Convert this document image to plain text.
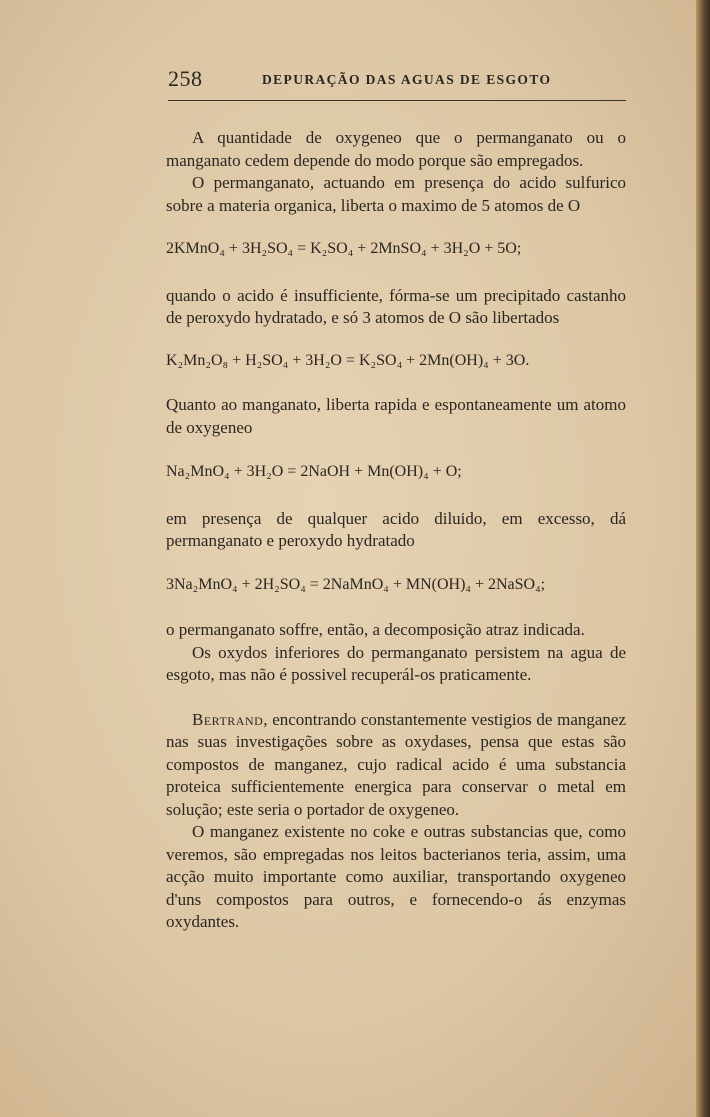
258	DEPURAÇÃO DAS AGUAS DE ESGOTO

A quantidade de oxygeneo que o permanganato ou o manganato cedem depende do modo porque são empregados.

O permanganato, actuando em presença do acido sulfurico sobre a materia organica, liberta o maximo de 5 atomos de O

2KMnO₄ + 3H₂SO₄ = K₂SO₄ + 2MnSO₄ + 3H₂O + 5O;

quando o acido é insufficiente, fórma-se um precipitado castanho de peroxydo hydratado, e só 3 atomos de O são libertados

K₂Mn₂O₈ + H₂SO₄ + 3H₂O = K₂SO₄ + 2Mn(OH)₄ + 3O.

Quanto ao manganato, liberta rapida e espontaneamente um atomo de oxygeneo

Na₂MnO₄ + 3H₂O = 2NaOH + Mn(OH)₄ + O;

em presença de qualquer acido diluido, em excesso, dá permanganato e peroxydo hydratado

3Na₂MnO₄ + 2H₂SO₄ = 2NaMnO₄ + MN(OH)₄ + 2NaSO₄;

o permanganato soffre, então, a decomposição atraz indicada.

Os oxydos inferiores do permanganato persistem na agua de esgoto, mas não é possivel recuperál-os praticamente.

Bertrand, encontrando constantemente vestigios de manganez nas suas investigações sobre as oxydases, pensa que estas são compostos de manganez, cujo radical acido é uma substancia proteica sufficientemente energica para conservar o metal em solução; este seria o portador de oxygeneo.

O manganez existente no coke e outras substancias que, como veremos, são empregadas nos leitos bacterianos teria, assim, uma acção muito importante como auxiliar, transportando oxygeneo d'uns compostos para outros, e fornecendo-o ás enzymas oxydantes.
